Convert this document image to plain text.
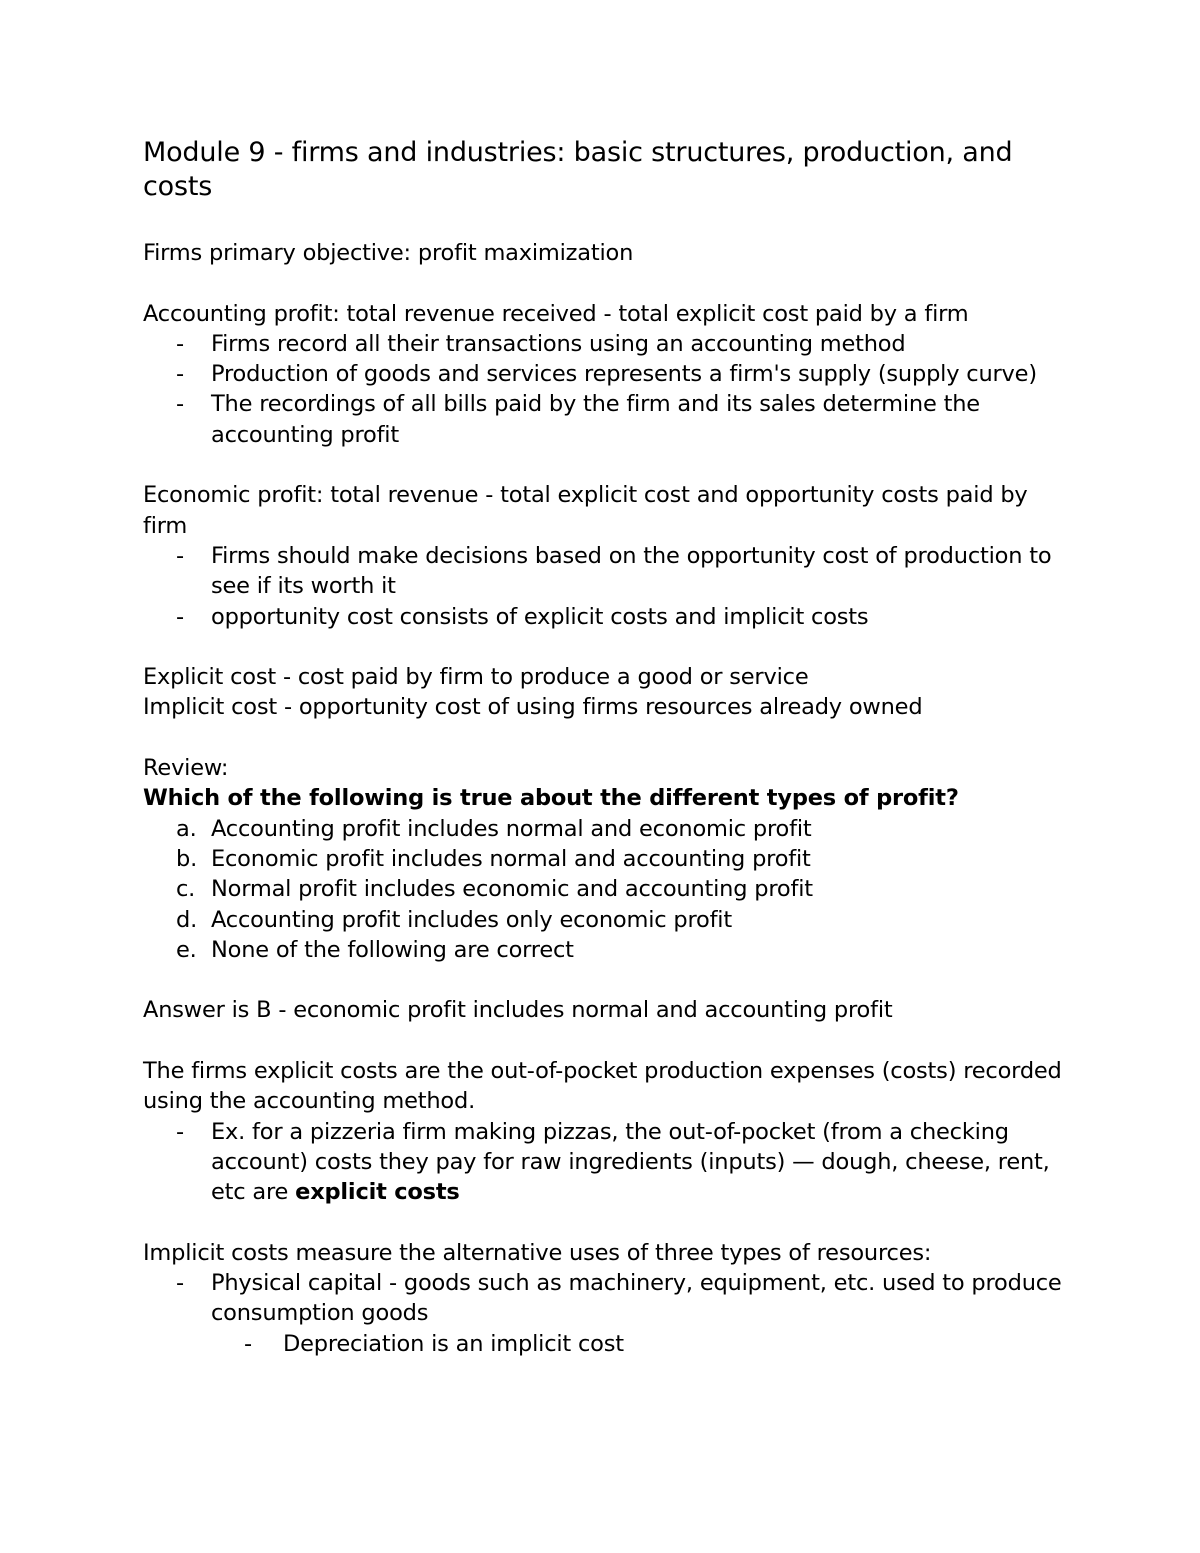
Module 9 - firms and industries: basic structures, production, and costs

Firms primary objective: profit maximization

Accounting profit: total revenue received - total explicit cost paid by a firm

- Firms record all their transactions using an accounting method
- Production of goods and services represents a firm's supply (supply curve)
- The recordings of all bills paid by the firm and its sales determine the accounting profit

Economic profit: total revenue - total explicit cost and opportunity costs paid by firm

- Firms should make decisions based on the opportunity cost of production to see if its worth it
- opportunity cost consists of explicit costs and implicit costs

Explicit cost - cost paid by firm to produce a good or service

Implicit cost - opportunity cost of using firms resources already owned

Review:

Which of the following is true about the different types of profit?

a. Accounting profit includes normal and economic profit
b. Economic profit includes normal and accounting profit
c. Normal profit includes economic and accounting profit
d. Accounting profit includes only economic profit
e. None of the following are correct

Answer is B - economic profit includes normal and accounting profit

The firms explicit costs are the out-of-pocket production expenses (costs) recorded using the accounting method.

- Ex. for a pizzeria firm making pizzas, the out-of-pocket (from a checking account) costs they pay for raw ingredients (inputs) — dough, cheese, rent, etc are explicit costs

Implicit costs measure the alternative uses of three types of resources:

- Physical capital - goods such as machinery, equipment, etc. used to produce consumption goods
- Depreciation is an implicit cost
